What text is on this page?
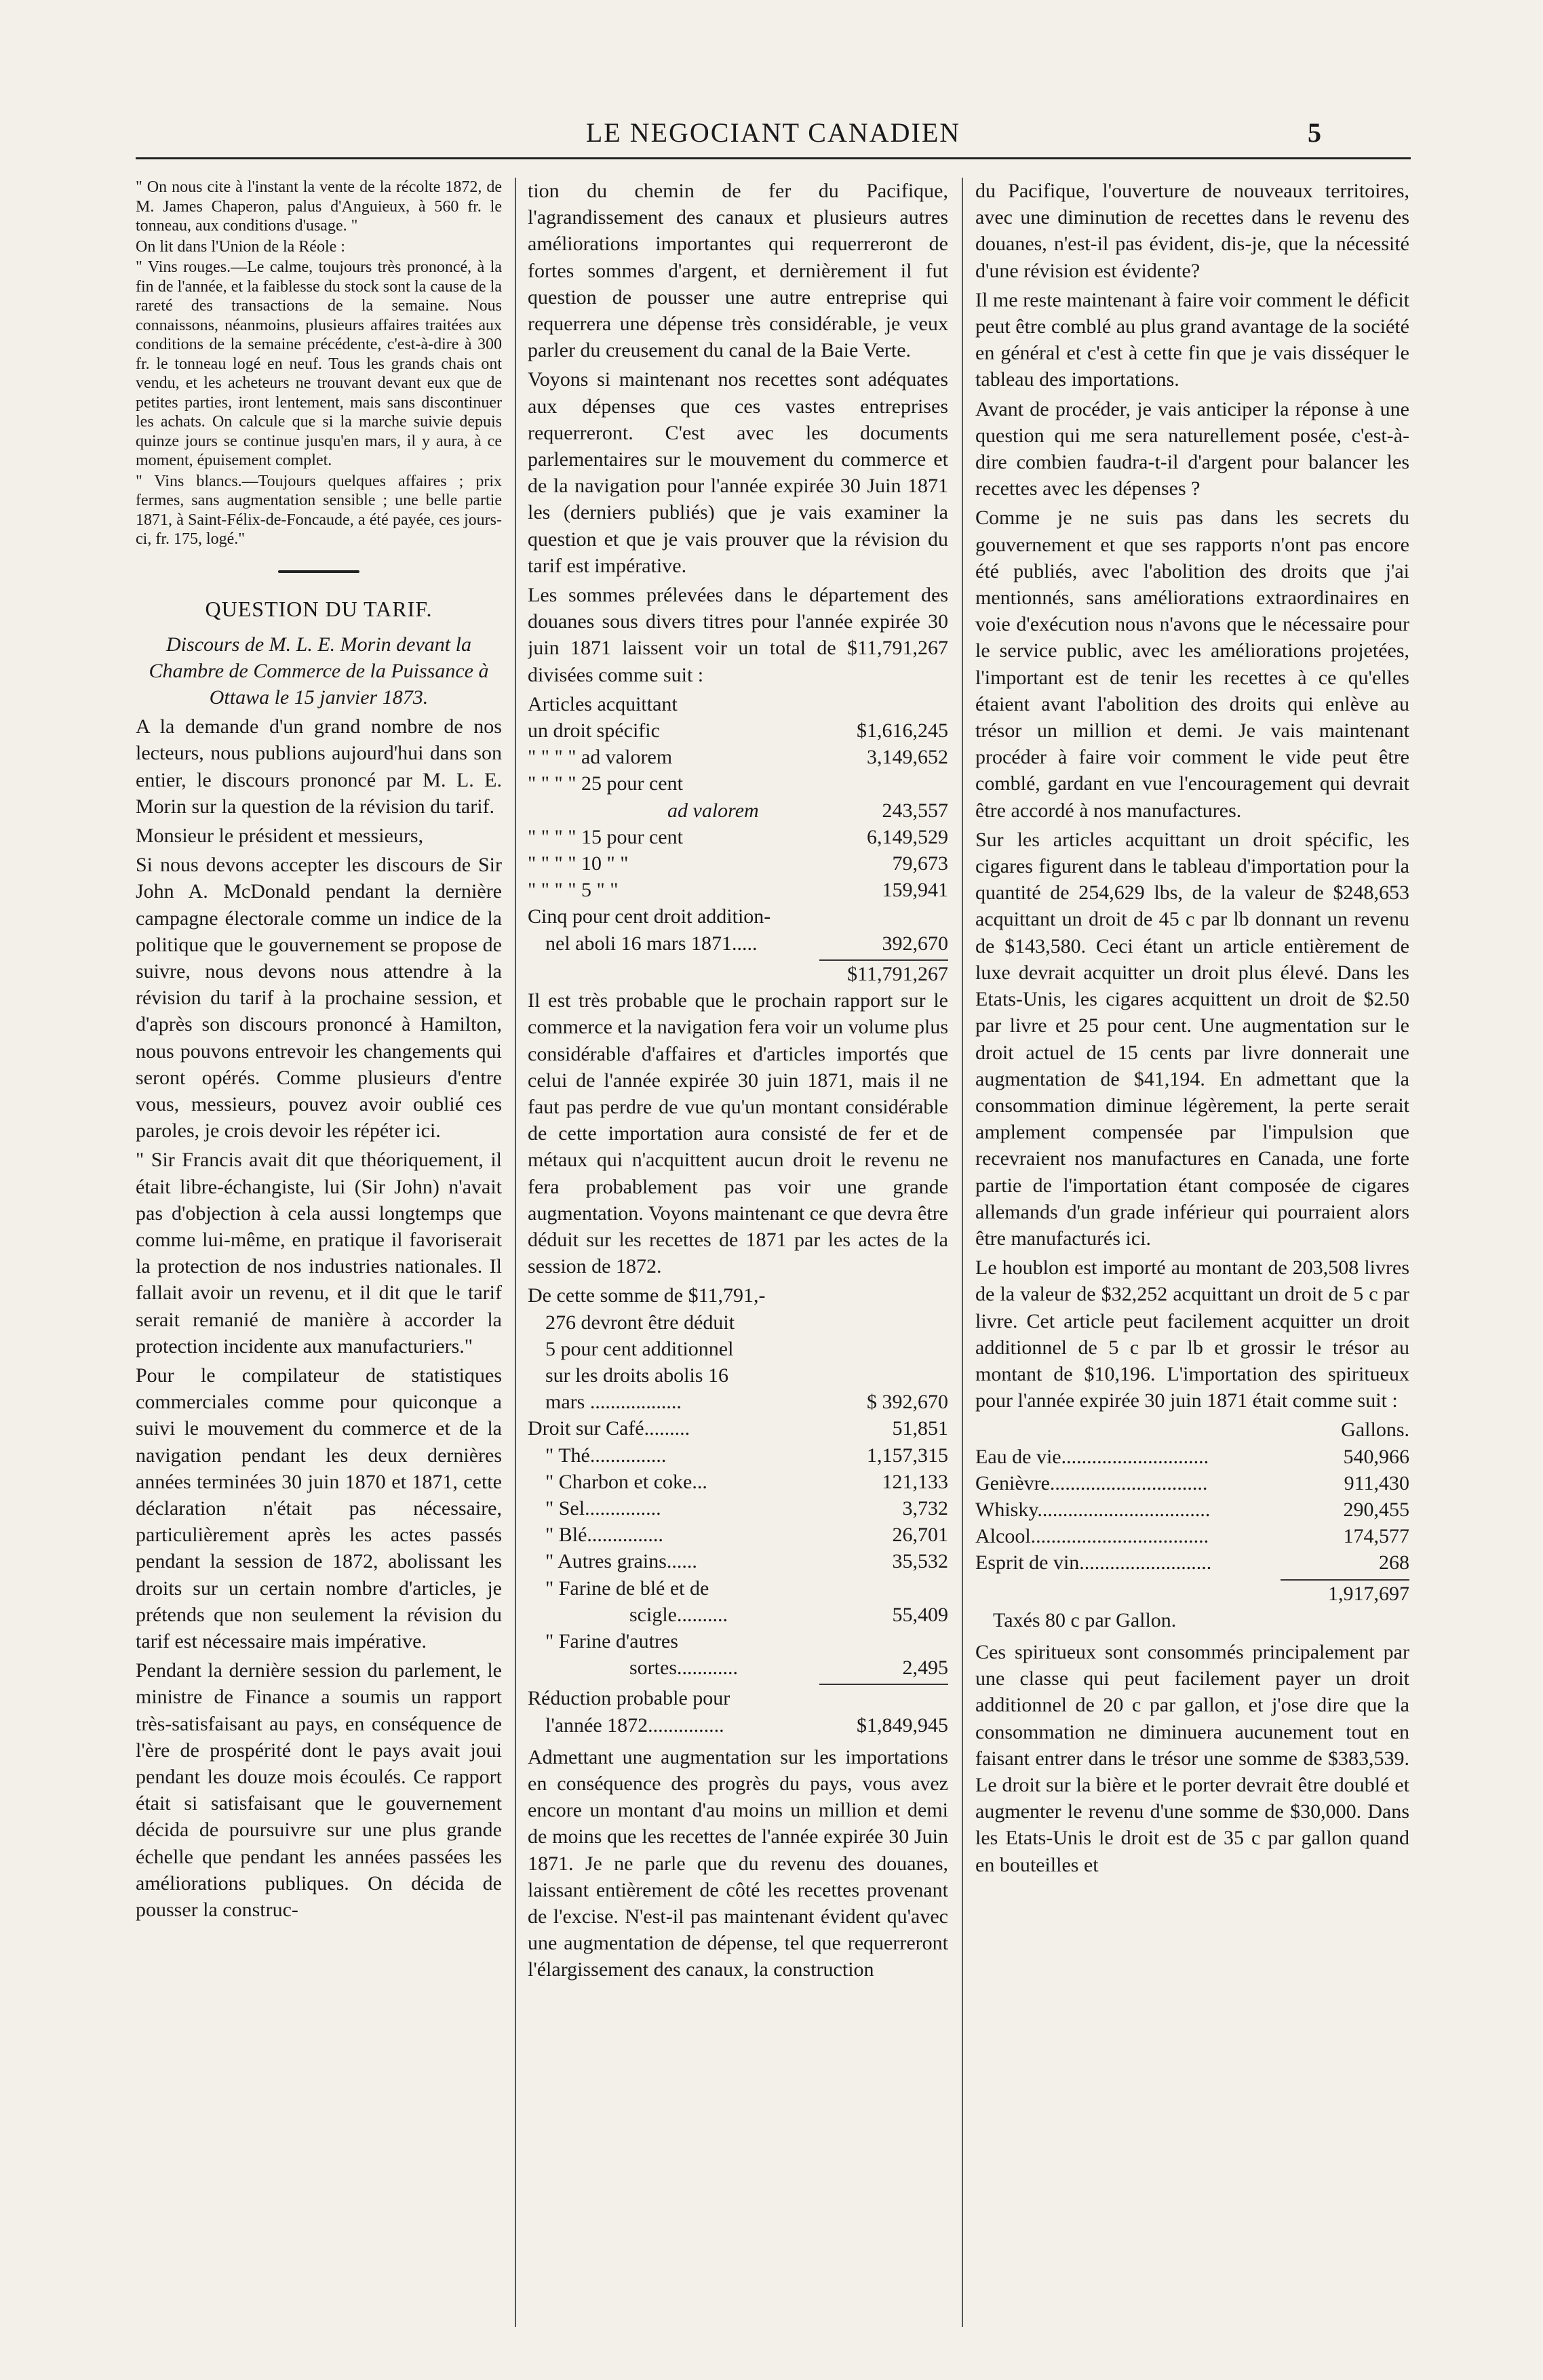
LE NEGOCIANT CANADIEN	5

" On nous cite à l'instant la vente de la récolte 1872, de M. James Chaperon, palus d'Anguieux, à 560 fr. le tonneau, aux conditions d'usage. "

On lit dans l'Union de la Réole :

" Vins rouges.—Le calme, toujours très prononcé, à la fin de l'année, et la faiblesse du stock sont la cause de la rareté des transactions de la semaine. Nous connaissons, néanmoins, plusieurs affaires traitées aux conditions de la semaine précédente, c'est-à-dire à 300 fr. le tonneau logé en neuf. Tous les grands chais ont vendu, et les acheteurs ne trouvant devant eux que de petites parties, iront lentement, mais sans discontinuer les achats. On calcule que si la marche suivie depuis quinze jours se continue jusqu'en mars, il y aura, à ce moment, épuisement complet.

" Vins blancs.—Toujours quelques affaires ; prix fermes, sans augmentation sensible ; une belle partie 1871, à Saint-Félix-de-Foncaude, a été payée, ces jours-ci, fr. 175, logé."

QUESTION DU TARIF.

Discours de M. L. E. Morin devant la Chambre de Commerce de la Puissance à Ottawa le 15 janvier 1873.

A la demande d'un grand nombre de nos lecteurs, nous publions aujourd'hui dans son entier, le discours prononcé par M. L. E. Morin sur la question de la révision du tarif.

Monsieur le président et messieurs,

Si nous devons accepter les discours de Sir John A. McDonald pendant la dernière campagne électorale comme un indice de la politique que le gouvernement se propose de suivre, nous devons nous attendre à la révision du tarif à la prochaine session, et d'après son discours prononcé à Hamilton, nous pouvons entrevoir les changements qui seront opérés. Comme plusieurs d'entre vous, messieurs, pouvez avoir oublié ces paroles, je crois devoir les répéter ici.

" Sir Francis avait dit que théoriquement, il était libre-échangiste, lui (Sir John) n'avait pas d'objection à cela aussi longtemps que comme lui-même, en pratique il favoriserait la protection de nos industries nationales. Il fallait avoir un revenu, et il dit que le tarif serait remanié de manière à accorder la protection incidente aux manufacturiers."

Pour le compilateur de statistiques commerciales comme pour quiconque a suivi le mouvement du commerce et de la navigation pendant les deux dernières années terminées 30 juin 1870 et 1871, cette déclaration n'était pas nécessaire, particulièrement après les actes passés pendant la session de 1872, abolissant les droits sur un certain nombre d'articles, je prétends que non seulement la révision du tarif est nécessaire mais impérative.

Pendant la dernière session du parlement, le ministre de Finance a soumis un rapport très-satisfaisant au pays, en conséquence de l'ère de prospérité dont le pays avait joui pendant les douze mois écoulés. Ce rapport était si satisfaisant que le gouvernement décida de poursuivre sur une plus grande échelle que pendant les années passées les améliorations publiques. On décida de pousser la construc-

tion du chemin de fer du Pacifique, l'agrandissement des canaux et plusieurs autres améliorations importantes qui requerreront de fortes sommes d'argent, et dernièrement il fut question de pousser une autre entreprise qui requerrera une dépense très considérable, je veux parler du creusement du canal de la Baie Verte.

Voyons si maintenant nos recettes sont adéquates aux dépenses que ces vastes entreprises requerreront. C'est avec les documents parlementaires sur le mouvement du commerce et de la navigation pour l'année expirée 30 Juin 1871 les (derniers publiés) que je vais examiner la question et que je vais prouver que la révision du tarif est impérative.

Les sommes prélevées dans le département des douanes sous divers titres pour l'année expirée 30 juin 1871 laissent voir un total de $11,791,267 divisées comme suit :

Articles acquittant

un droit spécific	$1,616,245
" " " " ad valorem	3,149,652
" " " " 25 pour cent
ad valorem	243,557
" " " " 15 pour cent	6,149,529
" " " " 10 " "	79,673
" " " " 5 " "	159,941
Cinq pour cent droit addition-
nel aboli 16 mars 1871.....	392,670
$11,791,267

Il est très probable que le prochain rapport sur le commerce et la navigation fera voir un volume plus considérable d'affaires et d'articles importés que celui de l'année expirée 30 juin 1871, mais il ne faut pas perdre de vue qu'un montant considérable de cette importation aura consisté de fer et de métaux qui n'acquittent aucun droit le revenu ne fera probablement pas voir une grande augmentation. Voyons maintenant ce que devra être déduit sur les recettes de 1871 par les actes de la session de 1872.

De cette somme de $11,791,-

276 devront être déduit
5 pour cent additionnel
sur les droits abolis 16
mars ..................	$ 392,670
Droit sur Café.........	51,851
" Thé...............	1,157,315
" Charbon et coke...	121,133
" Sel...............	3,732
" Blé...............	26,701
" Autres grains......	35,532
" Farine de blé et de
scigle..........	55,409
" Farine d'autres
sortes............	2,495
Réduction probable pour
l'année 1872...............	$1,849,945

Admettant une augmentation sur les importations en conséquence des progrès du pays, vous avez encore un montant d'au moins un million et demi de moins que les recettes de l'année expirée 30 Juin 1871. Je ne parle que du revenu des douanes, laissant entièrement de côté les recettes provenant de l'excise. N'est-il pas maintenant évident qu'avec une augmentation de dépense, tel que requerreront l'élargissement des canaux, la construction

du Pacifique, l'ouverture de nouveaux territoires, avec une diminution de recettes dans le revenu des douanes, n'est-il pas évident, dis-je, que la nécessité d'une révision est évidente?

Il me reste maintenant à faire voir comment le déficit peut être comblé au plus grand avantage de la société en général et c'est à cette fin que je vais disséquer le tableau des importations.

Avant de procéder, je vais anticiper la réponse à une question qui me sera naturellement posée, c'est-à-dire combien faudra-t-il d'argent pour balancer les recettes avec les dépenses ?

Comme je ne suis pas dans les secrets du gouvernement et que ses rapports n'ont pas encore été publiés, avec l'abolition des droits que j'ai mentionnés, sans améliorations extraordinaires en voie d'exécution nous n'avons que le nécessaire pour le service public, avec les améliorations projetées, l'important est de tenir les recettes à ce qu'elles étaient avant l'abolition des droits qui enlève au trésor un million et demi. Je vais maintenant procéder à faire voir comment le vide peut être comblé, gardant en vue l'encouragement qui devrait être accordé à nos manufactures.

Sur les articles acquittant un droit spécific, les cigares figurent dans le tableau d'importation pour la quantité de 254,629 lbs, de la valeur de $248,653 acquittant un droit de 45 c par lb donnant un revenu de $143,580. Ceci étant un article entièrement de luxe devrait acquitter un droit plus élevé. Dans les Etats-Unis, les cigares acquittent un droit de $2.50 par livre et 25 pour cent. Une augmentation sur le droit actuel de 15 cents par livre donnerait une augmentation de $41,194. En admettant que la consommation diminue légèrement, la perte serait amplement compensée par l'impulsion que recevraient nos manufactures en Canada, une forte partie de l'importation étant composée de cigares allemands d'un grade inférieur qui pourraient alors être manufacturés ici.

Le houblon est importé au montant de 203,508 livres de la valeur de $32,252 acquittant un droit de 5 c par livre. Cet article peut facilement acquitter un droit additionnel de 5 c par lb et grossir le trésor au montant de $10,196. L'importation des spiritueux pour l'année expirée 30 juin 1871 était comme suit :

Gallons.
Eau de vie.............................	540,966
Genièvre...............................	911,430
Whisky..................................	290,455
Alcool...................................	174,577
Esprit de vin..........................	268
1,917,697
Taxés 80 c par Gallon.

Ces spiritueux sont consommés principalement par une classe qui peut facilement payer un droit additionnel de 20 c par gallon, et j'ose dire que la consommation ne diminuera aucunement tout en faisant entrer dans le trésor une somme de $383,539. Le droit sur la bière et le porter devrait être doublé et augmenter le revenu d'une somme de $30,000. Dans les Etats-Unis le droit est de 35 c par gallon quand en bouteilles et
